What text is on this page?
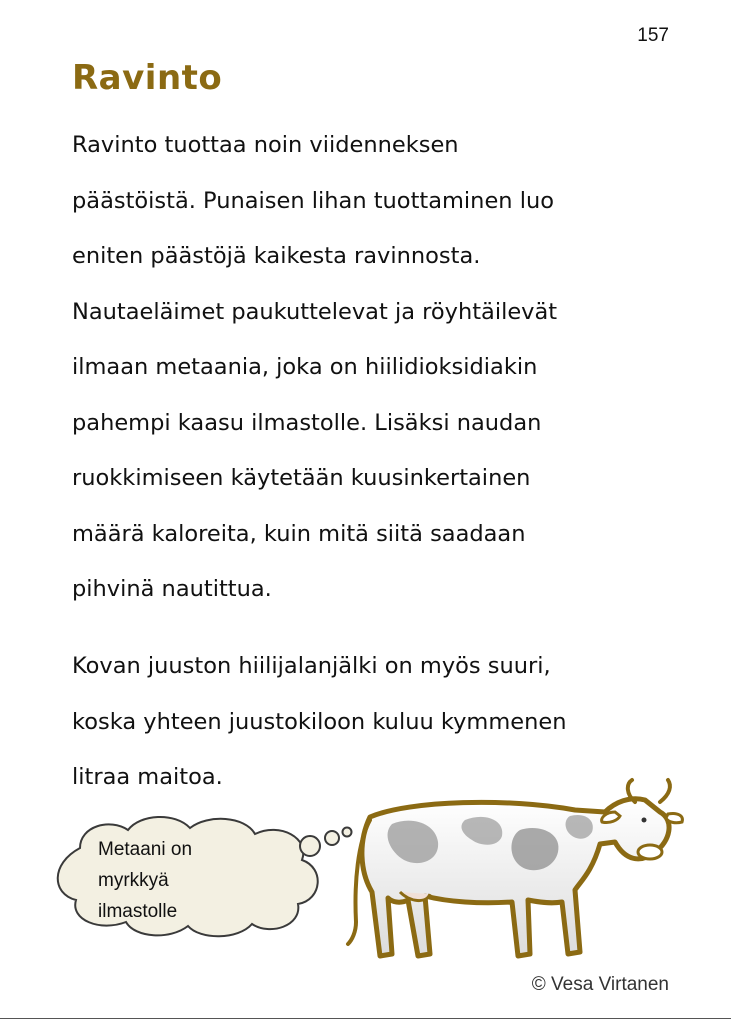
157
Ravinto

Ravinto tuottaa noin viidenneksen
päästöistä. Punaisen lihan tuottaminen luo
eniten päästöjä kaikesta ravinnosta.
Nautaeläimet paukuttelevat ja röyhtäilevät
ilmaan metaania, joka on hiilidioksidiakin
pahempi kaasu ilmastolle. Lisäksi naudan
ruokkimiseen käytetään kuusinkertainen
määrä kaloreita, kuin mitä siitä saadaan
pihvinä nautittua.

Kovan juuston hiilijalanjälki on myös suuri,
koska yhteen juustokiloon kuluu kymmenen
litraa maitoa.

Metaani on
myrkkyä
ilmastolle
© Vesa Virtanen
